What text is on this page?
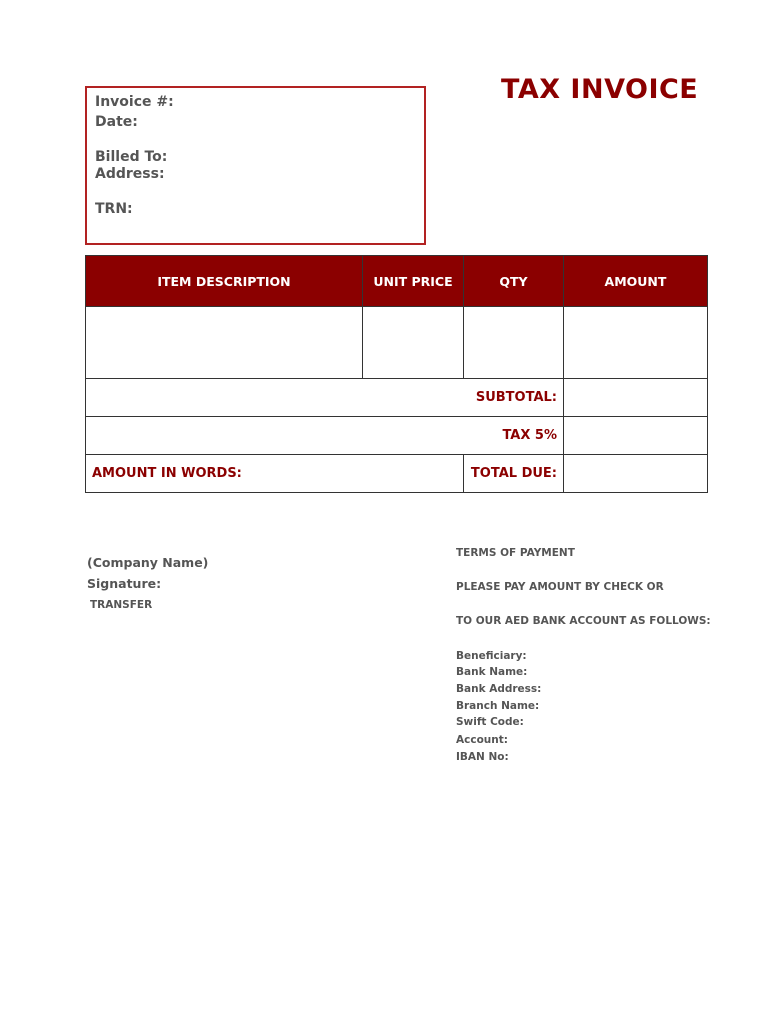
TAX INVOICE
Invoice #:
Date:
Billed To:
Address:
TRN:
ITEM DESCRIPTION	UNIT PRICE	QTY	AMOUNT

SUBTOTAL:			
TAX 5%			
AMOUNT IN WORDS:		TOTAL DUE:	
(Company Name)
Signature:
TRANSFER
TERMS OF PAYMENT
PLEASE PAY AMOUNT BY CHECK OR
TO OUR AED BANK ACCOUNT AS FOLLOWS:
Beneficiary:
Bank Name:
Bank Address:
Branch Name:
Swift Code:
Account:
IBAN No:
